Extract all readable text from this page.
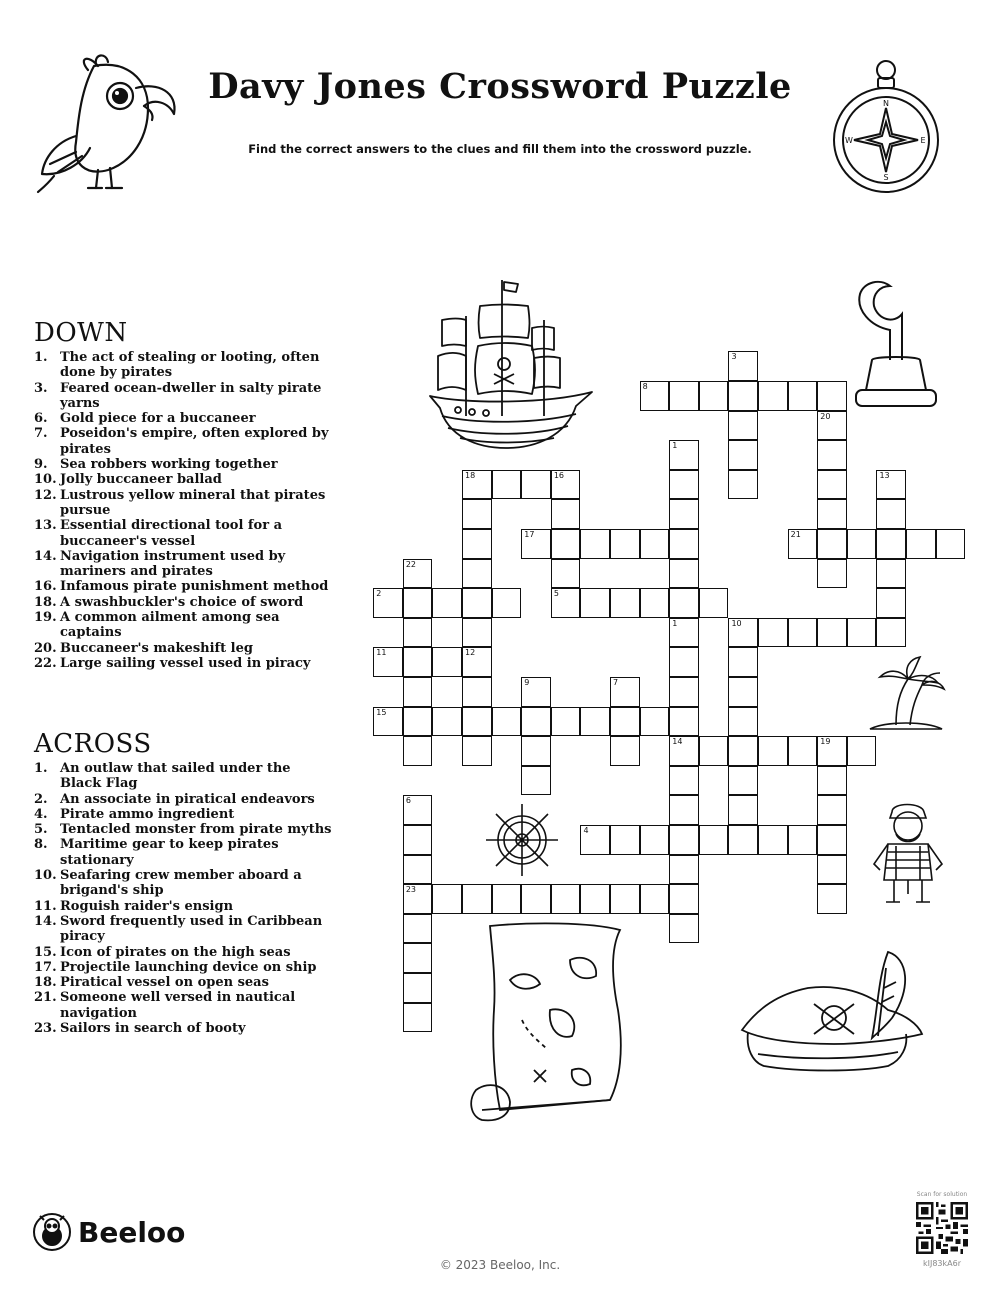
Davy Jones Crossword Puzzle
Find the correct answers to the clues and fill them into the crossword puzzle.
N
S
E
W
DOWN
1. The act of stealing or looting, often done by pirates
3. Feared ocean-dweller in salty pirate yarns
6. Gold piece for a buccaneer
7. Poseidon's empire, often explored by pirates
9. Sea robbers working together
10. Jolly buccaneer ballad
12. Lustrous yellow mineral that pirates pursue
13. Essential directional tool for a buccaneer's vessel
14. Navigation instrument used by mariners and pirates
16. Infamous pirate punishment method
18. A swashbuckler's choice of sword
19. A common ailment among sea captains
20. Buccaneer's makeshift leg
22. Large sailing vessel used in piracy
ACROSS
1. An outlaw that sailed under the Black Flag
2. An associate in piratical endeavors
4. Pirate ammo ingredient
5. Tentacled monster from pirate myths
8. Maritime gear to keep pirates stationary
10. Seafaring crew member aboard a brigand's ship
11. Roguish raider's ensign
14. Sword frequently used in Caribbean piracy
15. Icon of pirates on the high seas
17. Projectile launching device on ship
18. Piratical vessel on open seas
21. Someone well versed in nautical navigation
23. Sailors in search of booty
8
3
20
1
1
14
18	16
5
13
17	21
22
2
10
11	12
9	7
15
19
6
23
4
Beeloo
© 2023 Beeloo, Inc.
Scan for solution
kIJ83kA6r
